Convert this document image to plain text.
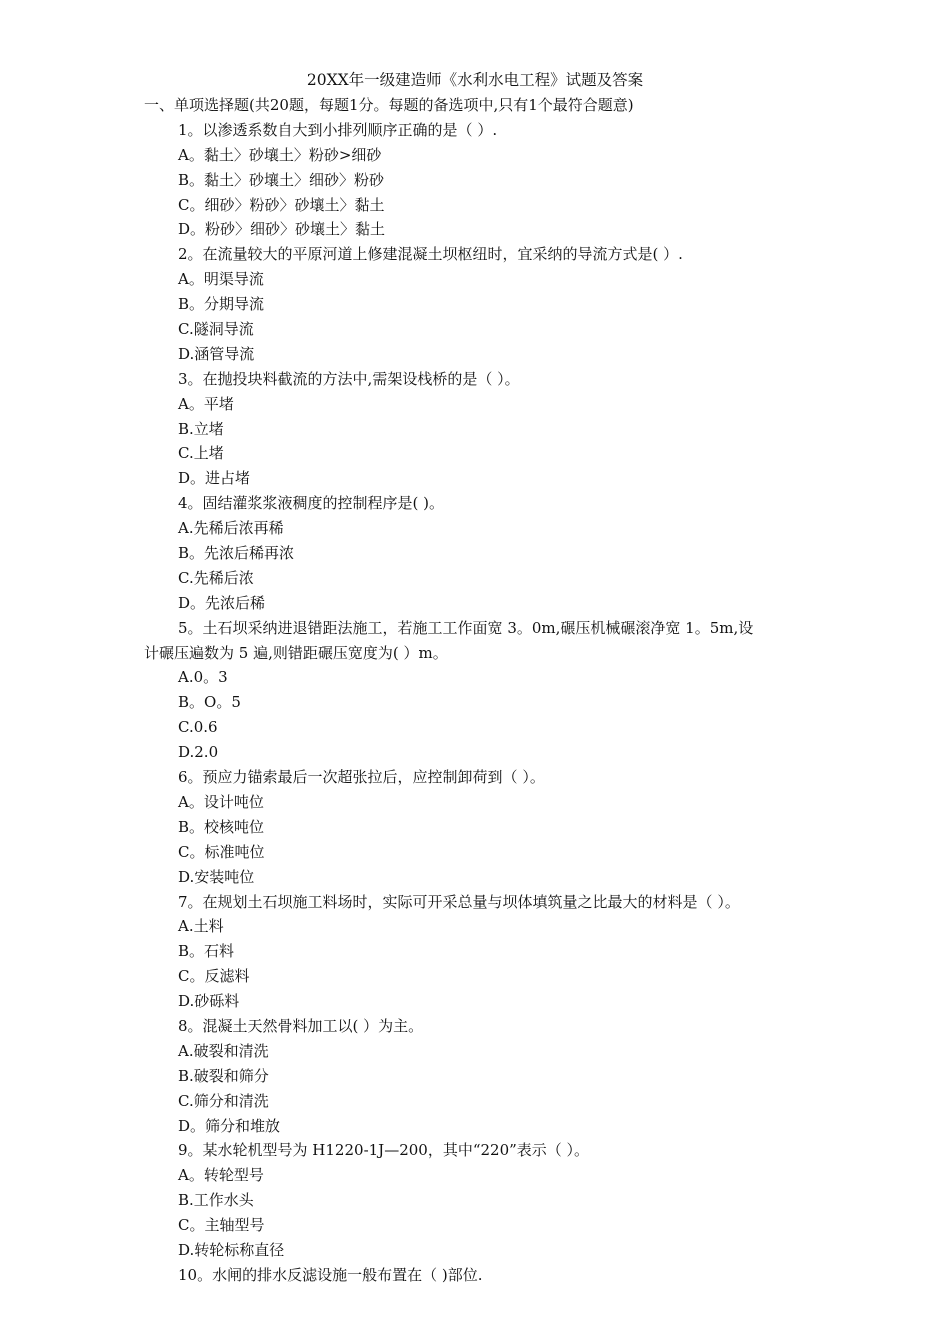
20XX年一级建造师《水利水电工程》试题及答案
一、单项选择题(共20题，每题1分。每题的备选项中,只有1个最符合题意)
1。以渗透系数自大到小排列顺序正确的是（ ）.
A。黏土〉砂壤土〉粉砂>细砂
B。黏土〉砂壤土〉细砂〉粉砂
C。细砂〉粉砂〉砂壤土〉黏土
D。粉砂〉细砂〉砂壤土〉黏土
2。在流量较大的平原河道上修建混凝土坝枢纽时，宜采纳的导流方式是( ）.
A。明渠导流
B。分期导流
C.隧洞导流
D.涵管导流
3。在抛投块料截流的方法中,需架设栈桥的是（ ）。
A。平堵
B.立堵
C.上堵
D。进占堵
4。固结灌浆浆液稠度的控制程序是( )。
A.先稀后浓再稀
B。先浓后稀再浓
C.先稀后浓
D。先浓后稀
5。土石坝采纳进退错距法施工，若施工工作面宽 3。0m,碾压机械碾滚净宽 1。5m,设
计碾压遍数为 5 遍,则错距碾压宽度为( ）m。
A.0。3
B。O。5
C.0.6
D.2.0
6。预应力锚索最后一次超张拉后，应控制卸荷到（ ）。
A。设计吨位
B。校核吨位
C。标准吨位
D.安装吨位
7。在规划土石坝施工料场时，实际可开采总量与坝体填筑量之比最大的材料是（ ）。
A.土料
B。石料
C。反滤料
D.砂砾料
8。混凝土天然骨料加工以( ）为主。
A.破裂和清洗
B.破裂和筛分
C.筛分和清洗
D。筛分和堆放
9。某水轮机型号为 H1220-1J—200，其中“220”表示（ ）。
A。转轮型号
B.工作水头
C。主轴型号
D.转轮标称直径
10。水闸的排水反滤设施一般布置在（ )部位.
